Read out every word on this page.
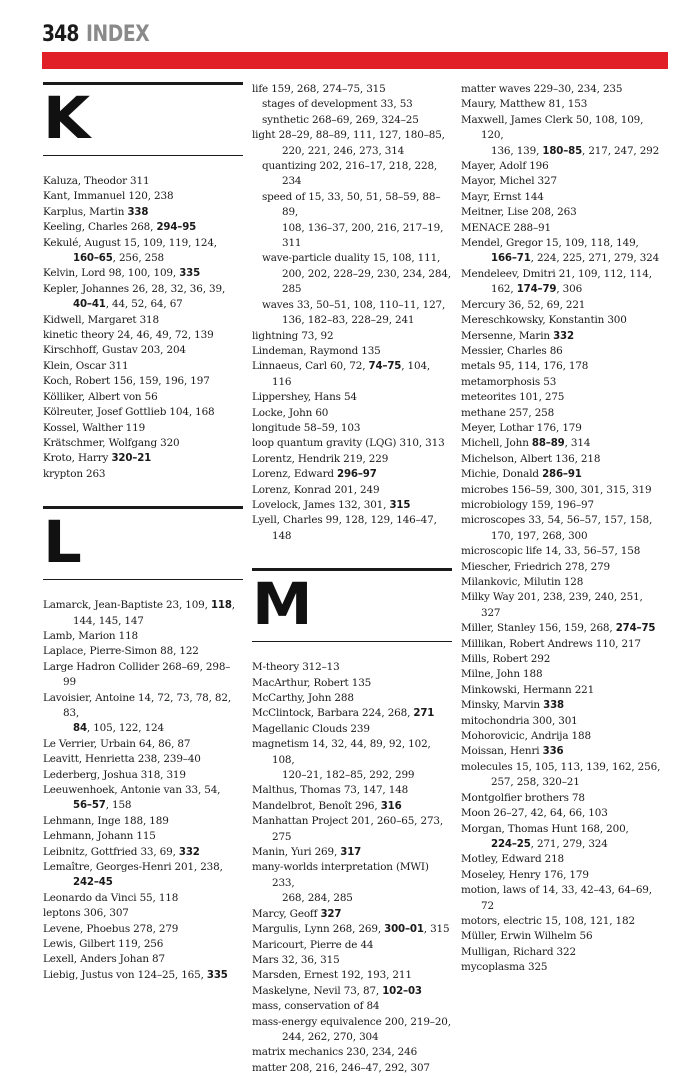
348 INDEX
K

Kaluza, Theodor 311

Kant, Immanuel 120, 238

Karplus, Martin 338

Keeling, Charles 268, 294–95

Kekulé, August 15, 109, 119, 124,

160–65, 256, 258

Kelvin, Lord 98, 100, 109, 335

Kepler, Johannes 26, 28, 32, 36, 39,

40–41, 44, 52, 64, 67

Kidwell, Margaret 318

kinetic theory 24, 46, 49, 72, 139

Kirschhoff, Gustav 203, 204

Klein, Oscar 311

Koch, Robert 156, 159, 196, 197

Kölliker, Albert von 56

Kölreuter, Josef Gottlieb 104, 168

Kossel, Walther 119

Krätschmer, Wolfgang 320

Kroto, Harry 320–21

krypton 263

L

Lamarck, Jean-Baptiste 23, 109, 118,

144, 145, 147

Lamb, Marion 118

Laplace, Pierre-Simon 88, 122

Large Hadron Collider 268–69, 298–99

Lavoisier, Antoine 14, 72, 73, 78, 82, 83,

84, 105, 122, 124

Le Verrier, Urbain 64, 86, 87

Leavitt, Henrietta 238, 239–40

Lederberg, Joshua 318, 319

Leeuwenhoek, Antonie van 33, 54,

56–57, 158

Lehmann, Inge 188, 189

Lehmann, Johann 115

Leibnitz, Gottfried 33, 69, 332

Lemaître, Georges-Henri 201, 238,

242–45

Leonardo da Vinci 55, 118

leptons 306, 307

Levene, Phoebus 278, 279

Lewis, Gilbert 119, 256

Lexell, Anders Johan 87

Liebig, Justus von 124–25, 165, 335

life 159, 268, 274–75, 315

stages of development 33, 53

synthetic 268–69, 269, 324–25

light 28–29, 88–89, 111, 127, 180–85,

220, 221, 246, 273, 314

quantizing 202, 216–17, 218, 228, 234

speed of 15, 33, 50, 51, 58–59, 88–89,

108, 136–37, 200, 216, 217–19, 311

wave-particle duality 15, 108, 111,

200, 202, 228–29, 230, 234, 284, 285

waves 33, 50–51, 108, 110–11, 127,

136, 182–83, 228–29, 241

lightning 73, 92

Lindeman, Raymond 135

Linnaeus, Carl 60, 72, 74–75, 104, 116

Lippershey, Hans 54

Locke, John 60

longitude 58–59, 103

loop quantum gravity (LQG) 310, 313

Lorentz, Hendrik 219, 229

Lorenz, Edward 296–97

Lorenz, Konrad 201, 249

Lovelock, James 132, 301, 315

Lyell, Charles 99, 128, 129, 146–47, 148

M

M-theory 312–13

MacArthur, Robert 135

McCarthy, John 288

McClintock, Barbara 224, 268, 271

Magellanic Clouds 239

magnetism 14, 32, 44, 89, 92, 102, 108,

120–21, 182–85, 292, 299

Malthus, Thomas 73, 147, 148

Mandelbrot, Benoît 296, 316

Manhattan Project 201, 260–65, 273, 275

Manin, Yuri 269, 317

many-worlds interpretation (MWI) 233,

268, 284, 285

Marcy, Geoff 327

Margulis, Lynn 268, 269, 300–01, 315

Maricourt, Pierre de 44

Mars 32, 36, 315

Marsden, Ernest 192, 193, 211

Maskelyne, Nevil 73, 87, 102–03

mass, conservation of 84

mass-energy equivalence 200, 219–20,

244, 262, 270, 304

matrix mechanics 230, 234, 246

matter 208, 216, 246–47, 292, 307

matter waves 229–30, 234, 235

Maury, Matthew 81, 153

Maxwell, James Clerk 50, 108, 109, 120,

136, 139, 180–85, 217, 247, 292

Mayer, Adolf 196

Mayor, Michel 327

Mayr, Ernst 144

Meitner, Lise 208, 263

MENACE 288–91

Mendel, Gregor 15, 109, 118, 149,

166–71, 224, 225, 271, 279, 324

Mendeleev, Dmitri 21, 109, 112, 114,

162, 174–79, 306

Mercury 36, 52, 69, 221

Mereschkowsky, Konstantin 300

Mersenne, Marin 332

Messier, Charles 86

metals 95, 114, 176, 178

metamorphosis 53

meteorites 101, 275

methane 257, 258

Meyer, Lothar 176, 179

Michell, John 88–89, 314

Michelson, Albert 136, 218

Michie, Donald 286–91

microbes 156–59, 300, 301, 315, 319

microbiology 159, 196–97

microscopes 33, 54, 56–57, 157, 158,

170, 197, 268, 300

microscopic life 14, 33, 56–57, 158

Miescher, Friedrich 278, 279

Milankovic, Milutin 128

Milky Way 201, 238, 239, 240, 251, 327

Miller, Stanley 156, 159, 268, 274–75

Millikan, Robert Andrews 110, 217

Mills, Robert 292

Milne, John 188

Minkowski, Hermann 221

Minsky, Marvin 338

mitochondria 300, 301

Mohorovicic, Andrija 188

Moissan, Henri 336

molecules 15, 105, 113, 139, 162, 256,

257, 258, 320–21

Montgolfier brothers 78

Moon 26–27, 42, 64, 66, 103

Morgan, Thomas Hunt 168, 200,

224–25, 271, 279, 324

Motley, Edward 218

Moseley, Henry 176, 179

motion, laws of 14, 33, 42–43, 64–69, 72

motors, electric 15, 108, 121, 182

Müller, Erwin Wilhelm 56

Mulligan, Richard 322

mycoplasma 325
